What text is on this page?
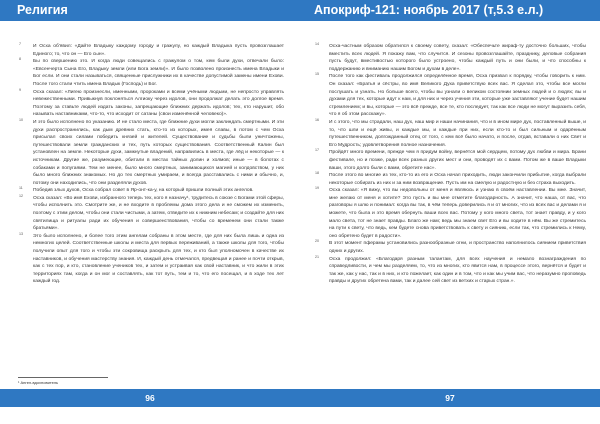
Религия

7 И Осха об'явил: «Дайте Владыку каждому городу и гражулу, но каждый Владыка пусть провозглашает Единого; то, что он — Его сын».

8 Бы по свершению это. И когда люди совещались с гражулом о том, кем были духи, отвечали было: «Евсенчерта Сына Его, Владыку земли (или Бога земли)». И было позволено произнесть имена Владыки и Бог если. И они стали называться, священные прислужники их в качестве допустимой замены имени Ехови. После того стали чтить имена Владык (Господь) и Бог.

9 Осха сказал: «Лигею произнесли, именными, пророками и всеми учёными людьми, не непросто управлять невежественными. Привыкнув поклоняться Алгиоку через идолов, они продолжат делать это долгое время. Поэтому за ставьте людей издать законы, запрещающие ближних держать идолов; тех, кто нарушит, обо называть наставниками, что-то, что исходит от сатаны (свои изменённой человеко)».

10 И это было исполнено по указанию. И не стало места, где ближние духи могли заклиндать смертными. И эти духи распространились, как дым древних стать, кто-то из которых, имея славы, в потом с чем Осха присылал своих силами победить князей и жителей. Существование и судьбы были уничтожены, путешествовали земли гражданских и тех, путь которых существования. Соответственный Калин был установлен на земле. Некоторые духи, замкнутые владений, направились в места, где лёд и некоторые — к источникам. Другие же, разумеющие, обитали в местах тайных долин и холмов; иные — в болотах с собаками и попугаями. Тем не менее, было много смертных, занимающихся магией и колдовством, у них было много ближних знакомых. Но до тех смертных умираем, и всегда расставались с ними и обычно, и, потому они находились, что они разделяли духов.

11 Победив злых духов, Осха собрал совет в Яр-онт-ка-у, на который пришли полный этих ангелов.

12 Осха сказал: «Во имя Ехови, избранного теперь тех, кого я назначу¹, трудитесь в союзе с Богами этой сферы, чтобы исполнить это. Смотрите же, и не входите в проблемы дома этого дела и не сможем их изменить, поэтому с этим делом, чтобы они стали чистыми, а затем, отведите их к нижним небесам; и создайте для них святилища и ритуалы ради их обучения и совершенствования, чтобы со временем они стали также братьями».

13 Это было исполнено, и более того этим ангелам собраны в этом месте, где для них была лишь и одна из немногих целей. Соответственные школы и места для первых переживаний, а также школы для того, чтобы получили опыт для того и чтобы эти сокровища раскрыть для тех, и кто был уполномочен в качестве их наставников, и обучения мастерству знания. И, каждый день отмечался, предвещая и ранее и почти открыв, как с тех пор, и кто, становление учеников тех, и затем и устраивая как свой наставник, и что жили в этих территориях там, когда и он мог и составлять, как тот путь, тем и то, что его посещал, и в ходе тех лет каждый год.

¹ Ангел-вдохновитель
96
Апокриф-121: ноябрь 2017 (т,5.3 е.л.)

14 Осха-частным образом обратился к своему совету, сказал: «Обеспечьте жираф-ту досточно больших, чтобы вместить всех людей. Я покажу вам, что случится. И сезоны провозглашайте, празднику, деловые собрания пусть будут, вместивостью которого было устроено, чтобы каждый путь и они были, и что способны к поддержанию и вниманию нашим Богом и духам в деле».

15 После того как фестиваль продолжился определённое время, Осха призвал к порядку, чтобы говорить к ним. Он сказал: «Братья и сёстры, во имя Великого Духа приветствую всех вас. Я сделал это, чтобы все могли послушать и узнать. Но больше всего, чтобы вы узнали о великом состоянии земных людей и о людях; вы и духами для тех, которые идут к нам, и для них и через учения эти, которые уже заставляют учение будет нашим стремлением; и вы, которые — это всё прежде, все те, кто последует, так как все люди не могут выразить себя, что я об этом расскажу».

16 И с этого, что мы страдали, наш дух, наш мир и наши начинания, что и в ином мире дух, поставленный выше, и то, что шли и ещё живы, и каждые мы, и каждые при них, если кто-то и был сильным и одарённым путешественником, долгожданный отец от того, с кем всё было начато, и после, отдав, вставали о них Свет и Его Мудрость; удовлетворения полное назначения.

17 Пройдёт много времени, прежде чем я придум войну, вернётся мой сердцем, потому дух любви и мира. Брани фестивале, но и позже, ради всех разных других мест и они, проводят их с вами. Потом же в ваше Владыки ваши, этого долго были с вами, обретите нас».

18 После этого во многие из тех, кто-то из его и Осха начал приходить, люди закончили прибытие, когда выбрали некоторые собирать из них и за ним возвращение. Пусть им на смелую и радостную и без страха выходить.

19 Осха сказал: «Я вижу, что вы недовольны от меня и являюсь и узнаю в своём наставлении. Вы мне. Значит, мне желаю от меня и хотите? Это пусть и вы мне отметите благодарность. А значит, что наша, от вас, что разговоры я шлю и понимал: когда вы так, в чём теперь доверились я и от многих, что из всех вас и делами я и можете, что была и это время обернуть ваши всех вас. Потому у кого много света, тот знает правду, и у кого мало света, тот не знает правды. Благо же нам; ведь мы знаем свет Его и вы ходите в нём. Вы же стремитесь на пути к свету, что ведь, кем будете снова приветствовать к свету и сиянию, если так, что стремились к Нему, оно обретено будет в радости».

20 В этот момент пферамы установились разнообразные огни, и пространство наполнилось сиянием приветствия одних и других.

21 Осха продолжил: «Благодаря разным талантам, для всех научения и немало вознаграждения по справедливости, и чем мы разделяем, то, что из многих, кто явится нам, в процессе этого, вернётся и будет и так же, как у нас, так и в них, и кто пожелает, как один и в том, что и как мы учим вас, что неразумно проповедь правды и других обретена вами, так и далее сей свет из ветхих и старых стран.».

97
